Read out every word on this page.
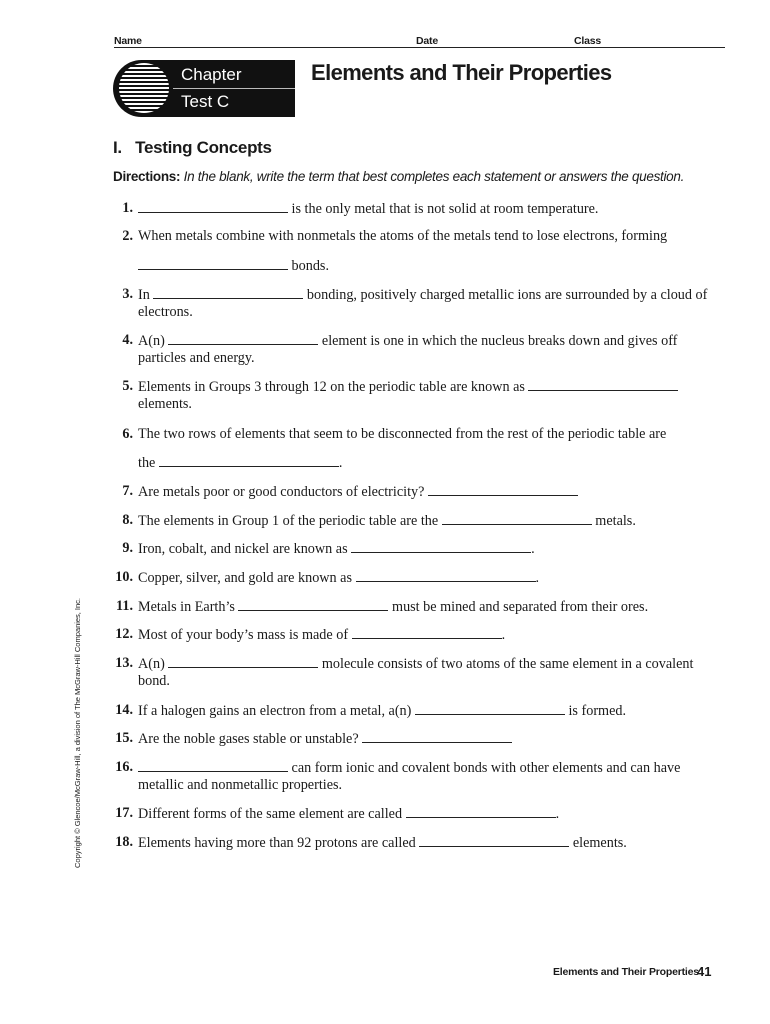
Name	Date	Class
Chapter
Test C
Elements and Their Properties
I.   Testing Concepts
Directions: In the blank, write the term that best completes each statement or answers the question.
1.	is the only metal that is not solid at room temperature.
2. When metals combine with nonmetals the atoms of the metals tend to lose electrons, forming
bonds.
3. In	bonding, positively charged metallic ions are surrounded by a cloud of electrons.
4. A(n)	element is one in which the nucleus breaks down and gives off particles and energy.
5. Elements in Groups 3 through 12 on the periodic table are known as  elements.
6. The two rows of elements that seem to be disconnected from the rest of the periodic table are
the	.
7. Are metals poor or good conductors of electricity?
8. The elements in Group 1 of the periodic table are the	metals.
9. Iron, cobalt, and nickel are known as	.
10. Copper, silver, and gold are known as	.
11. Metals in Earth’s	must be mined and separated from their ores.
12. Most of your body’s mass is made of	.
13. A(n)	molecule consists of two atoms of the same element in a covalent bond.
14. If a halogen gains an electron from a metal, a(n)	is formed.
15. Are the noble gases stable or unstable?
16.	can form ionic and covalent bonds with other elements and can have metallic and nonmetallic properties.
17. Different forms of the same element are called	.
18. Elements having more than 92 protons are called	elements.
Copyright © Glencoe/McGraw-Hill, a division of The McGraw-Hill Companies, Inc.
Elements and Their Properties
41
